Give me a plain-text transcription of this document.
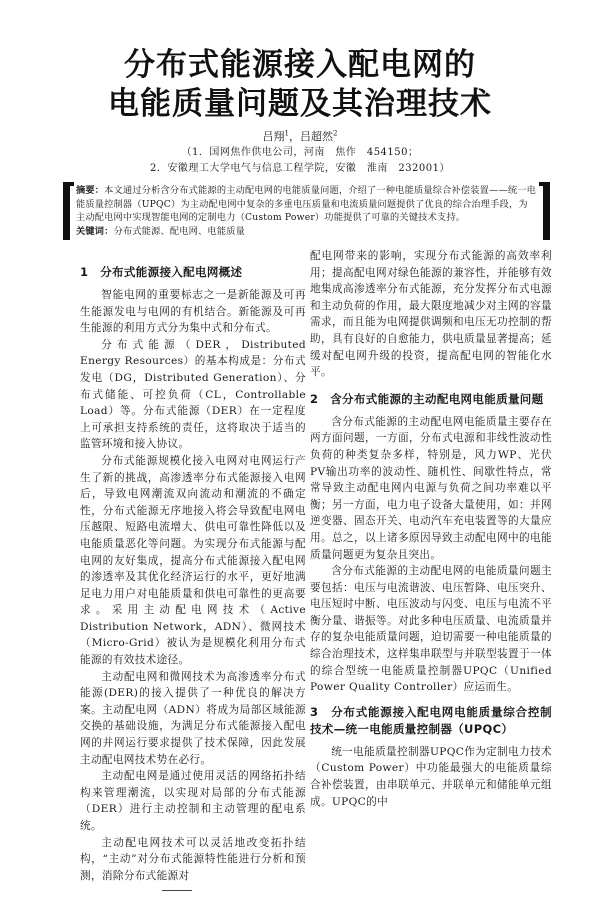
分布式能源接入配电网的
电能质量问题及其治理技术
吕翔$^1$，吕超然$^2$
（1．国网焦作供电公司，河南　焦作　454150；
2．安徽理工大学电气与信息工程学院，安徽　淮南　232001）
摘要：本文通过分析含分布式能源的主动配电网的电能质量问题，介绍了一种电能质量综合补偿装置——统一电能质量控制器（UPQC）为主动配电网中复杂的多重电压质量和电流质量问题提供了优良的综合治理手段，为主动配电网中实现智能电网的定制电力（Custom Power）功能提供了可靠的关键技术支持。
关键词：分布式能源、配电网、电能质量
1　分布式能源接入配电网概述

智能电网的重要标志之一是新能源及可再生能源发电与电网的有机结合。新能源及可再生能源的利用方式分为集中式和分布式。

分布式能源（DER，Distributed Energy Resources）的基本构成是：分布式发电（DG，Distributed Generation）、分布式储能、可控负荷（CL，Controllable Load）等。分布式能源（DER）在一定程度上可承担支持系统的责任，这将取决于适当的监管环境和接入协议。

分布式能源规模化接入电网对电网运行产生了新的挑战，高渗透率分布式能源接入电网后，导致电网潮流双向流动和潮流的不确定性，分布式能源无序地接入将会导致配电网电压越限、短路电流增大、供电可靠性降低以及电能质量恶化等问题。为实现分布式能源与配电网的友好集成，提高分布式能源接入配电网的渗透率及其优化经济运行的水平，更好地满足电力用户对电能质量和供电可靠性的更高要求。采用主动配电网技术（Active Distribution Network，ADN）、微网技术（Micro-Grid）被认为是规模化利用分布式能源的有效技术途径。

主动配电网和微网技术为高渗透率分布式能源(DER)的接入提供了一种优良的解决方案。主动配电网（ADN）将成为局部区域能源交换的基础设施，为满足分布式能源接入配电网的并网运行要求提供了技术保障，因此发展主动配电网技术势在必行。

主动配电网是通过使用灵活的网络拓扑结构来管理潮流，以实现对局部的分布式能源（DER）进行主动控制和主动管理的配电系统。

主动配电网技术可以灵活地改变拓扑结构，“主动”对分布式能源特性能进行分析和预测，消除分布式能源对

配电网带来的影响，实现分布式能源的高效率利用；提高配电网对绿色能源的兼容性，并能够有效地集成高渗透率分布式能源，充分发挥分布式电源和主动负荷的作用，最大限度地减少对主网的容量需求，而且能为电网提供调频和电压无功控制的帮助，具有良好的自愈能力，供电质量显著提高；延缓对配电网升级的投资，提高配电网的智能化水平。

2　含分布式能源的主动配电网电能质量问题

含分布式能源的主动配电网电能质量主要存在两方面问题，一方面，分布式电源和非线性波动性负荷的种类复杂多样，特别是，风力WP、光伏PV输出功率的波动性、随机性、间歇性特点，常常导致主动配电网内电源与负荷之间功率难以平衡；另一方面，电力电子设备大量使用，如：并网逆变器、固态开关、电动汽车充电装置等的大量应用。总之，以上诸多原因导致主动配电网中的电能质量问题更为复杂且突出。

含分布式能源的主动配电网的电能质量问题主要包括：电压与电流谐波、电压暂降、电压突升、电压短时中断、电压波动与闪变、电压与电流不平衡分量、谐振等。对此多种电压质量、电流质量并存的复杂电能质量问题，迫切需要一种电能质量的综合治理技术，这样集串联型与并联型装置于一体的综合型统一电能质量控制器UPQC（Unified Power Quality Controller）应运而生。

3　分布式能源接入配电网电能质量综合控制技术—统一电能质量控制器（UPQC）

统一电能质量控制器UPQC作为定制电力技术（Custom Power）中功能最强大的电能质量综合补偿装置，由串联单元、并联单元和储能单元组成。UPQC的中
